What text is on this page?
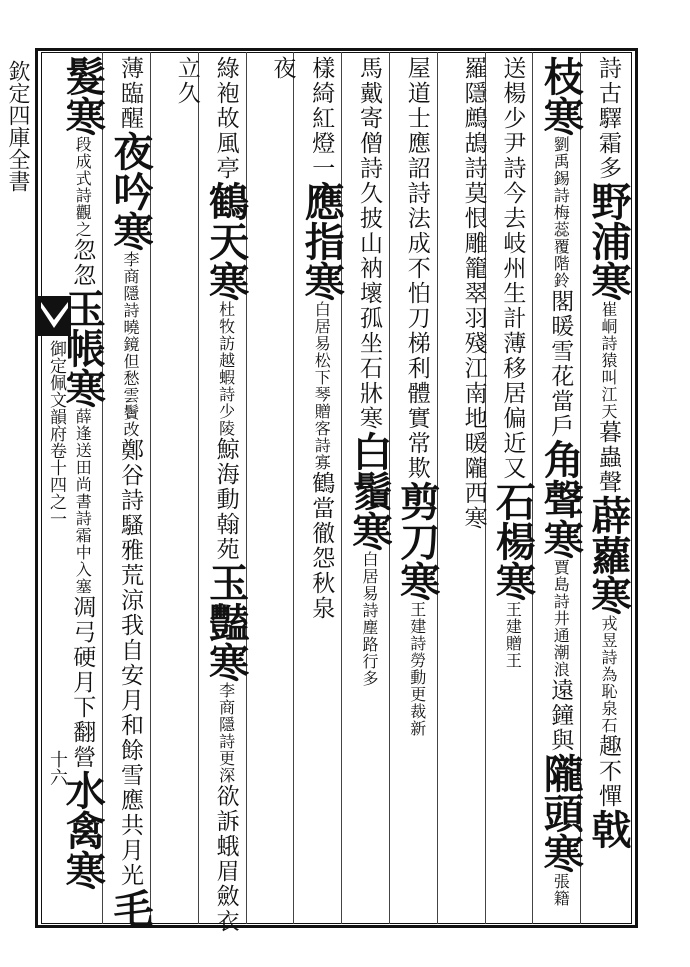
欽定四庫全書
御定佩文韻府卷十四之一
十六
詩古驛霜多野浦寒崔峒詩猿叫江天暮蟲聲薜蘿寒戎昱詩為恥泉石趣不憚戟
枝寒劉禹錫詩梅蕊覆階鈴閣暖雪花當戶角聲寒賈島詩井通潮浪遠鐘與隴頭寒張籍
送楊少尹詩今去岐州生計薄移居偏近又石楊寒王建贈王
羅隱鷓鴣詩莫恨雕籠翠羽殘江南地暖隴西寒
屋道士應詔詩法成不怕刀梯利體實常欺剪刀寒王建詩勞動更裁新
馬戴寄僧詩久披山衲壞孤坐石牀寒白鬚寒白居易詩塵路行多
樣綺紅燈一應指寒白居易松下琴贈客詩寡鶴當徹怨秋泉
夜
綠袍故風亭鶴天寒杜牧訪越蝦詩少陵鯨海動翰苑玉豔寒李商隱詩更深欲訴蛾眉斂衣
立久
薄臨醒夜吟寒李商隱詩曉鏡但愁雲鬢改鄭谷詩騷雅荒涼我自安月和餘雪應共月光毛
髮寒段成式詩觀之忽忽玉帳寒薛逢送田尚書詩霜中入塞凋弓硬月下翻營水禽寒
